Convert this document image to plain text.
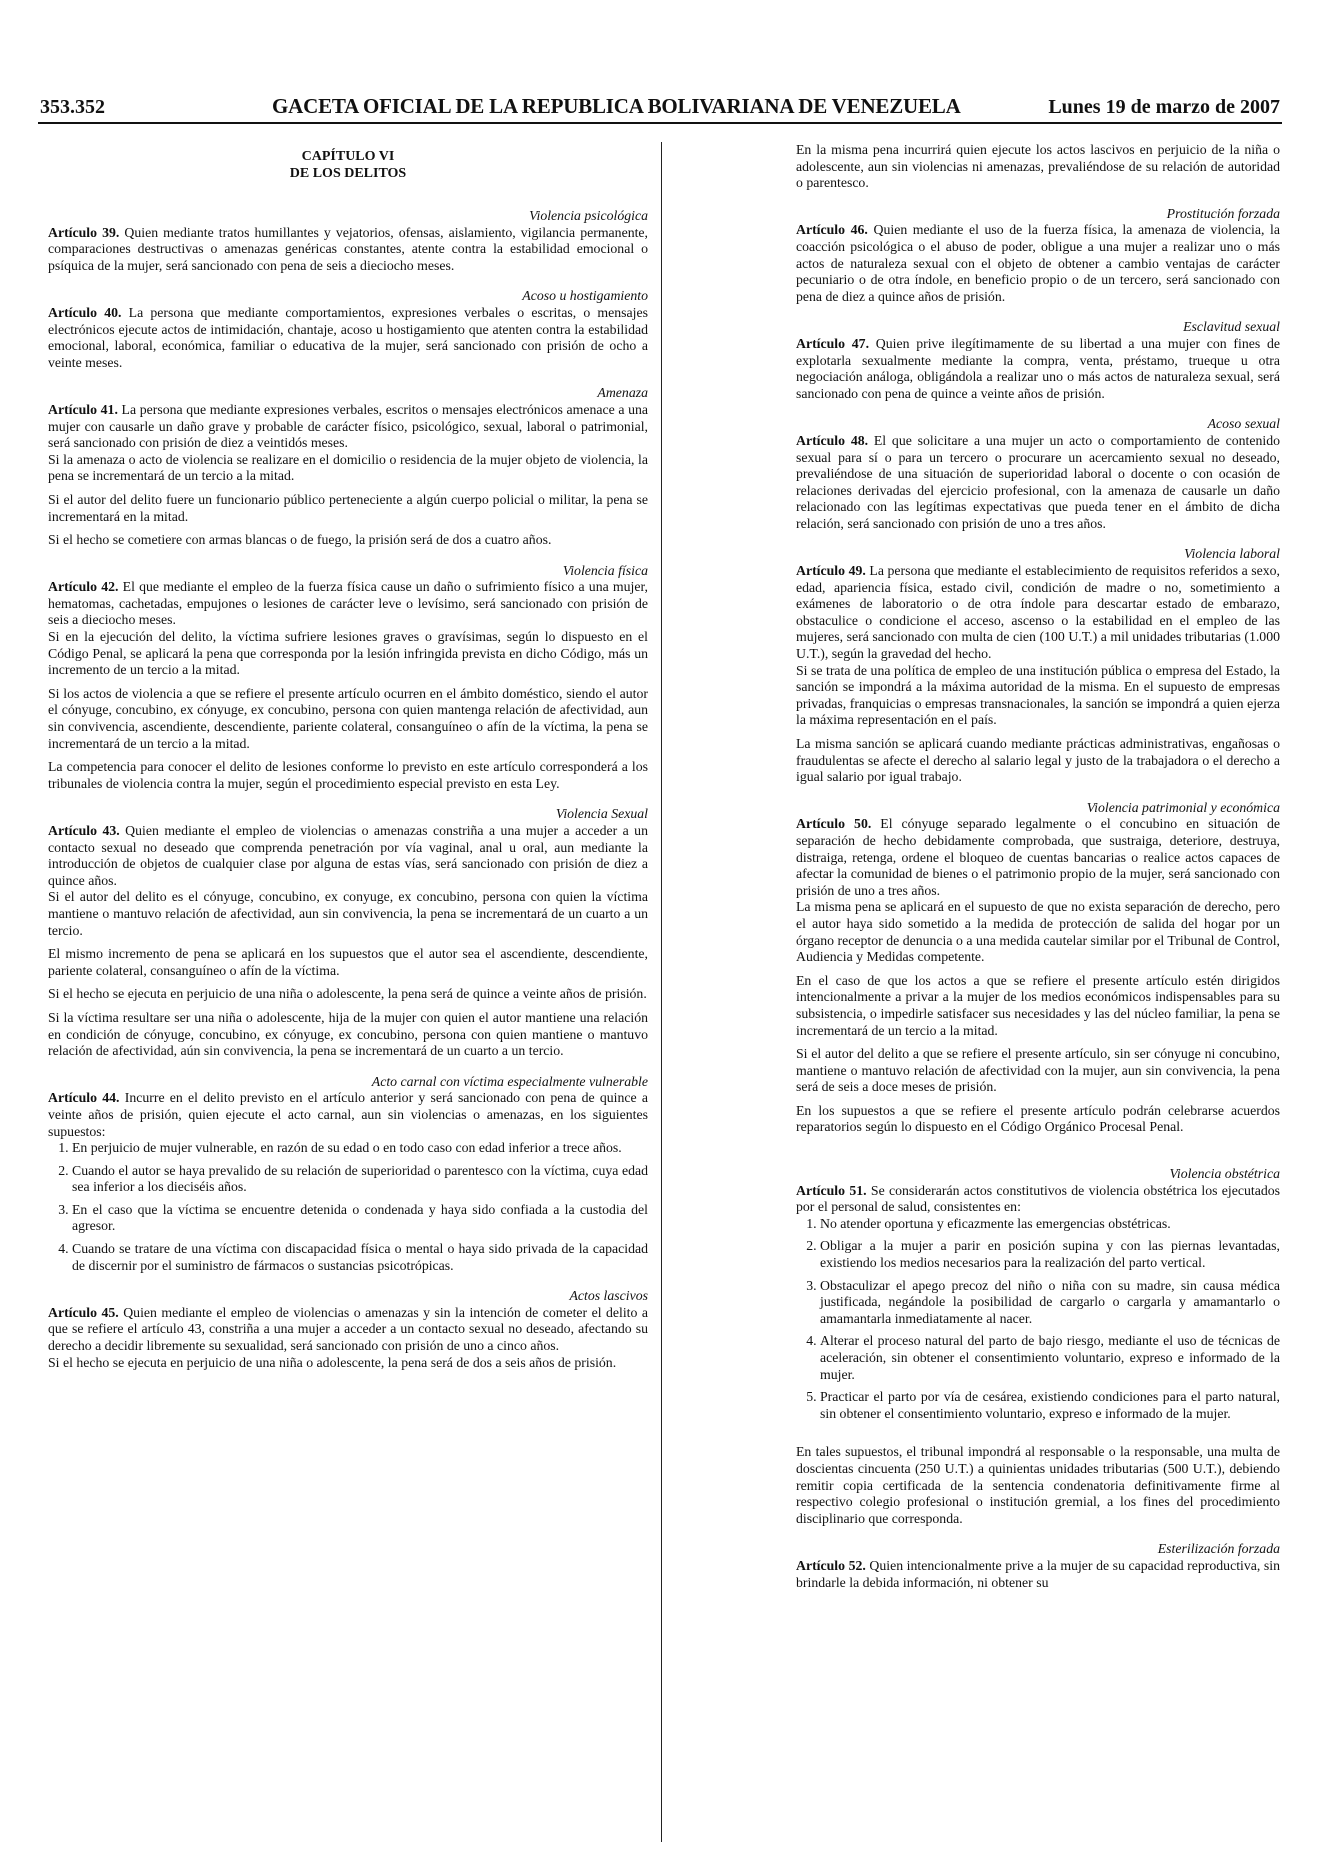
353.352	GACETA OFICIAL DE LA REPUBLICA BOLIVARIANA DE VENEZUELA	Lunes 19 de marzo de 2007
CAPÍTULO VI
DE LOS DELITOS

Violencia psicológica

Artículo 39. Quien mediante tratos humillantes y vejatorios, ofensas, aislamiento, vigilancia permanente, comparaciones destructivas o amenazas genéricas constantes, atente contra la estabilidad emocional o psíquica de la mujer, será sancionado con pena de seis a dieciocho meses.

Acoso u hostigamiento

Artículo 40. La persona que mediante comportamientos, expresiones verbales o escritas, o mensajes electrónicos ejecute actos de intimidación, chantaje, acoso u hostigamiento que atenten contra la estabilidad emocional, laboral, económica, familiar o educativa de la mujer, será sancionado con prisión de ocho a veinte meses.

Amenaza

Artículo 41. La persona que mediante expresiones verbales, escritos o mensajes electrónicos amenace a una mujer con causarle un daño grave y probable de carácter físico, psicológico, sexual, laboral o patrimonial, será sancionado con prisión de diez a veintidós meses.

Si la amenaza o acto de violencia se realizare en el domicilio o residencia de la mujer objeto de violencia, la pena se incrementará de un tercio a la mitad.

Si el autor del delito fuere un funcionario público perteneciente a algún cuerpo policial o militar, la pena se incrementará en la mitad.

Si el hecho se cometiere con armas blancas o de fuego, la prisión será de dos a cuatro años.

Violencia física

Artículo 42. El que mediante el empleo de la fuerza física cause un daño o sufrimiento físico a una mujer, hematomas, cachetadas, empujones o lesiones de carácter leve o levísimo, será sancionado con prisión de seis a dieciocho meses.

Si en la ejecución del delito, la víctima sufriere lesiones graves o gravísimas, según lo dispuesto en el Código Penal, se aplicará la pena que corresponda por la lesión infringida prevista en dicho Código, más un incremento de un tercio a la mitad.

Si los actos de violencia a que se refiere el presente artículo ocurren en el ámbito doméstico, siendo el autor el cónyuge, concubino, ex cónyuge, ex concubino, persona con quien mantenga relación de afectividad, aun sin convivencia, ascendiente, descendiente, pariente colateral, consanguíneo o afín de la víctima, la pena se incrementará de un tercio a la mitad.

La competencia para conocer el delito de lesiones conforme lo previsto en este artículo corresponderá a los tribunales de violencia contra la mujer, según el procedimiento especial previsto en esta Ley.

Violencia Sexual

Artículo 43. Quien mediante el empleo de violencias o amenazas constriña a una mujer a acceder a un contacto sexual no deseado que comprenda penetración por vía vaginal, anal u oral, aun mediante la introducción de objetos de cualquier clase por alguna de estas vías, será sancionado con prisión de diez a quince años.

Si el autor del delito es el cónyuge, concubino, ex conyuge, ex concubino, persona con quien la víctima mantiene o mantuvo relación de afectividad, aun sin convivencia, la pena se incrementará de un cuarto a un tercio.

El mismo incremento de pena se aplicará en los supuestos que el autor sea el ascendiente, descendiente, pariente colateral, consanguíneo o afín de la víctima.

Si el hecho se ejecuta en perjuicio de una niña o adolescente, la pena será de quince a veinte años de prisión.

Si la víctima resultare ser una niña o adolescente, hija de la mujer con quien el autor mantiene una relación en condición de cónyuge, concubino, ex cónyuge, ex concubino, persona con quien mantiene o mantuvo relación de afectividad, aún sin convivencia, la pena se incrementará de un cuarto a un tercio.

Acto carnal con víctima especialmente vulnerable

Artículo 44. Incurre en el delito previsto en el artículo anterior y será sancionado con pena de quince a veinte años de prisión, quien ejecute el acto carnal, aun sin violencias o amenazas, en los siguientes supuestos:

1. En perjuicio de mujer vulnerable, en razón de su edad o en todo caso con edad inferior a trece años.
2. Cuando el autor se haya prevalido de su relación de superioridad o parentesco con la víctima, cuya edad sea inferior a los dieciséis años.
3. En el caso que la víctima se encuentre detenida o condenada y haya sido confiada a la custodia del agresor.
4. Cuando se tratare de una víctima con discapacidad física o mental o haya sido privada de la capacidad de discernir por el suministro de fármacos o sustancias psicotrópicas.

Actos lascivos

Artículo 45. Quien mediante el empleo de violencias o amenazas y sin la intención de cometer el delito a que se refiere el artículo 43, constriña a una mujer a acceder a un contacto sexual no deseado, afectando su derecho a decidir libremente su sexualidad, será sancionado con prisión de uno a cinco años.

Si el hecho se ejecuta en perjuicio de una niña o adolescente, la pena será de dos a seis años de prisión.

En la misma pena incurrirá quien ejecute los actos lascivos en perjuicio de la niña o adolescente, aun sin violencias ni amenazas, prevaliéndose de su relación de autoridad o parentesco.

Prostitución forzada

Artículo 46. Quien mediante el uso de la fuerza física, la amenaza de violencia, la coacción psicológica o el abuso de poder, obligue a una mujer a realizar uno o más actos de naturaleza sexual con el objeto de obtener a cambio ventajas de carácter pecuniario o de otra índole, en beneficio propio o de un tercero, será sancionado con pena de diez a quince años de prisión.

Esclavitud sexual

Artículo 47. Quien prive ilegítimamente de su libertad a una mujer con fines de explotarla sexualmente mediante la compra, venta, préstamo, trueque u otra negociación análoga, obligándola a realizar uno o más actos de naturaleza sexual, será sancionado con pena de quince a veinte años de prisión.

Acoso sexual

Artículo 48. El que solicitare a una mujer un acto o comportamiento de contenido sexual para sí o para un tercero o procurare un acercamiento sexual no deseado, prevaliéndose de una situación de superioridad laboral o docente o con ocasión de relaciones derivadas del ejercicio profesional, con la amenaza de causarle un daño relacionado con las legítimas expectativas que pueda tener en el ámbito de dicha relación, será sancionado con prisión de uno a tres años.

Violencia laboral

Artículo 49. La persona que mediante el establecimiento de requisitos referidos a sexo, edad, apariencia física, estado civil, condición de madre o no, sometimiento a exámenes de laboratorio o de otra índole para descartar estado de embarazo, obstaculice o condicione el acceso, ascenso o la estabilidad en el empleo de las mujeres, será sancionado con multa de cien (100 U.T.) a mil unidades tributarias (1.000 U.T.), según la gravedad del hecho.

Si se trata de una política de empleo de una institución pública o empresa del Estado, la sanción se impondrá a la máxima autoridad de la misma. En el supuesto de empresas privadas, franquicias o empresas transnacionales, la sanción se impondrá a quien ejerza la máxima representación en el país.

La misma sanción se aplicará cuando mediante prácticas administrativas, engañosas o fraudulentas se afecte el derecho al salario legal y justo de la trabajadora o el derecho a igual salario por igual trabajo.

Violencia patrimonial y económica

Artículo 50. El cónyuge separado legalmente o el concubino en situación de separación de hecho debidamente comprobada, que sustraiga, deteriore, destruya, distraiga, retenga, ordene el bloqueo de cuentas bancarias o realice actos capaces de afectar la comunidad de bienes o el patrimonio propio de la mujer, será sancionado con prisión de uno a tres años.

La misma pena se aplicará en el supuesto de que no exista separación de derecho, pero el autor haya sido sometido a la medida de protección de salida del hogar por un órgano receptor de denuncia o a una medida cautelar similar por el Tribunal de Control, Audiencia y Medidas competente.

En el caso de que los actos a que se refiere el presente artículo estén dirigidos intencionalmente a privar a la mujer de los medios económicos indispensables para su subsistencia, o impedirle satisfacer sus necesidades y las del núcleo familiar, la pena se incrementará de un tercio a la mitad.

Si el autor del delito a que se refiere el presente artículo, sin ser cónyuge ni concubino, mantiene o mantuvo relación de afectividad con la mujer, aun sin convivencia, la pena será de seis a doce meses de prisión.

En los supuestos a que se refiere el presente artículo podrán celebrarse acuerdos reparatorios según lo dispuesto en el Código Orgánico Procesal Penal.

Violencia obstétrica

Artículo 51. Se considerarán actos constitutivos de violencia obstétrica los ejecutados por el personal de salud, consistentes en:

1. No atender oportuna y eficazmente las emergencias obstétricas.
2. Obligar a la mujer a parir en posición supina y con las piernas levantadas, existiendo los medios necesarios para la realización del parto vertical.
3. Obstaculizar el apego precoz del niño o niña con su madre, sin causa médica justificada, negándole la posibilidad de cargarlo o cargarla y amamantarlo o amamantarla inmediatamente al nacer.
4. Alterar el proceso natural del parto de bajo riesgo, mediante el uso de técnicas de aceleración, sin obtener el consentimiento voluntario, expreso e informado de la mujer.
5. Practicar el parto por vía de cesárea, existiendo condiciones para el parto natural, sin obtener el consentimiento voluntario, expreso e informado de la mujer.

En tales supuestos, el tribunal impondrá al responsable o la responsable, una multa de doscientas cincuenta (250 U.T.) a quinientas unidades tributarias (500 U.T.), debiendo remitir copia certificada de la sentencia condenatoria definitivamente firme al respectivo colegio profesional o institución gremial, a los fines del procedimiento disciplinario que corresponda.

Esterilización forzada

Artículo 52. Quien intencionalmente prive a la mujer de su capacidad reproductiva, sin brindarle la debida información, ni obtener su
